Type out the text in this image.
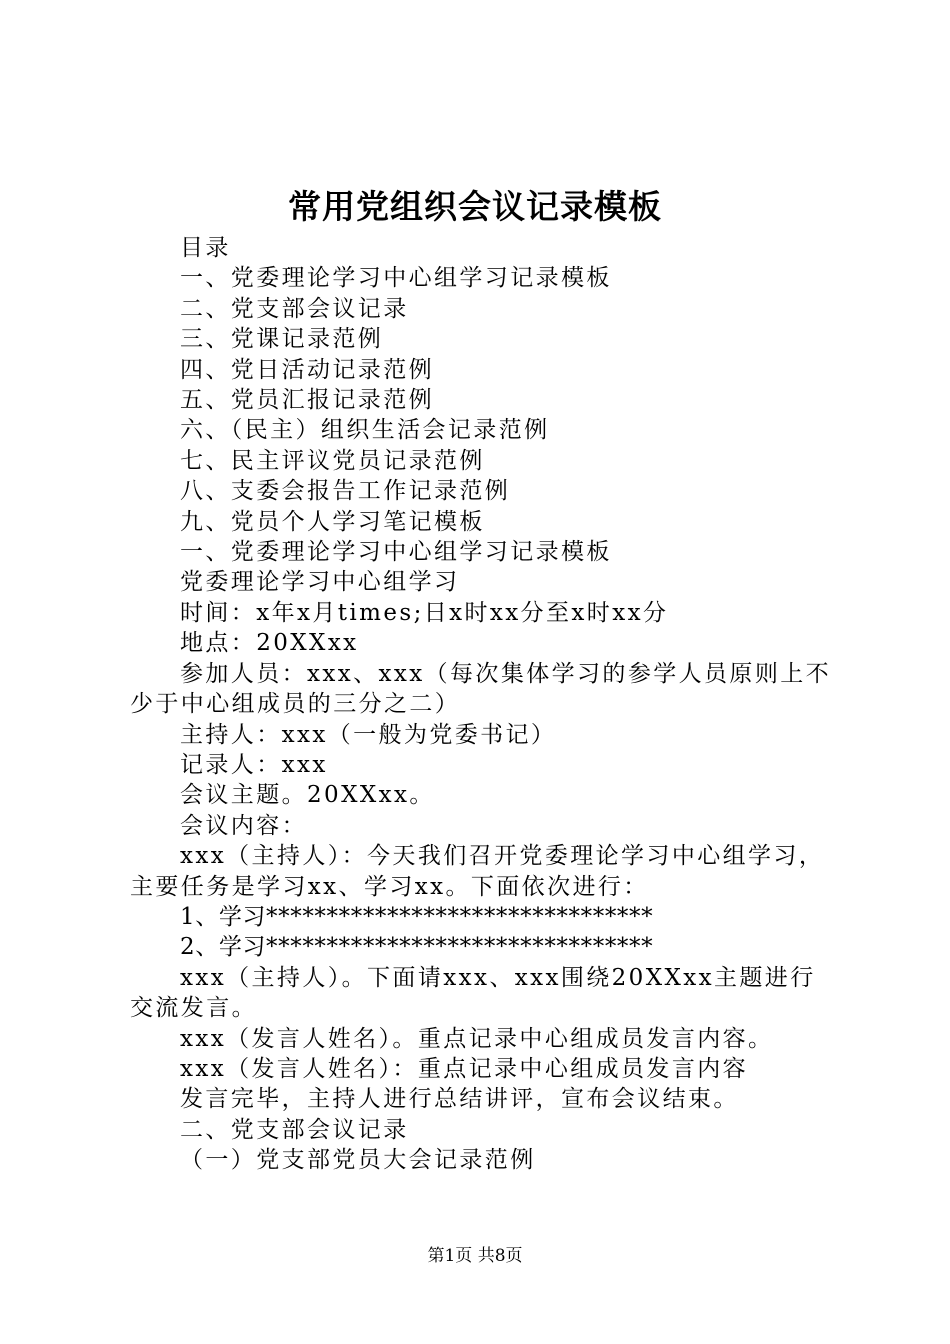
常用党组织会议记录模板

目录

一、党委理论学习中心组学习记录模板

二、党支部会议记录

三、党课记录范例

四、党日活动记录范例

五、党员汇报记录范例

六、（民主）组织生活会记录范例

七、民主评议党员记录范例

八、支委会报告工作记录范例

九、党员个人学习笔记模板

一、党委理论学习中心组学习记录模板

党委理论学习中心组学习

时间：x年x月times;日x时xx分至x时xx分

地点：20XXxx

参加人员：xxx、xxx（每次集体学习的参学人员原则上不少于中心组成员的三分之二）

主持人：xxx（一般为党委书记）

记录人：xxx

会议主题。20XXxx。

会议内容：

xxx（主持人）：今天我们召开党委理论学习中心组学习，主要任务是学习xx、学习xx。下面依次进行：

1、学习********************************

2、学习********************************

xxx（主持人）。下面请xxx、xxx围绕20XXxx主题进行交流发言。

xxx（发言人姓名）。重点记录中心组成员发言内容。

xxx（发言人姓名）：重点记录中心组成员发言内容

发言完毕，主持人进行总结讲评，宣布会议结束。

二、党支部会议记录

（一）党支部党员大会记录范例

第1页 共8页
